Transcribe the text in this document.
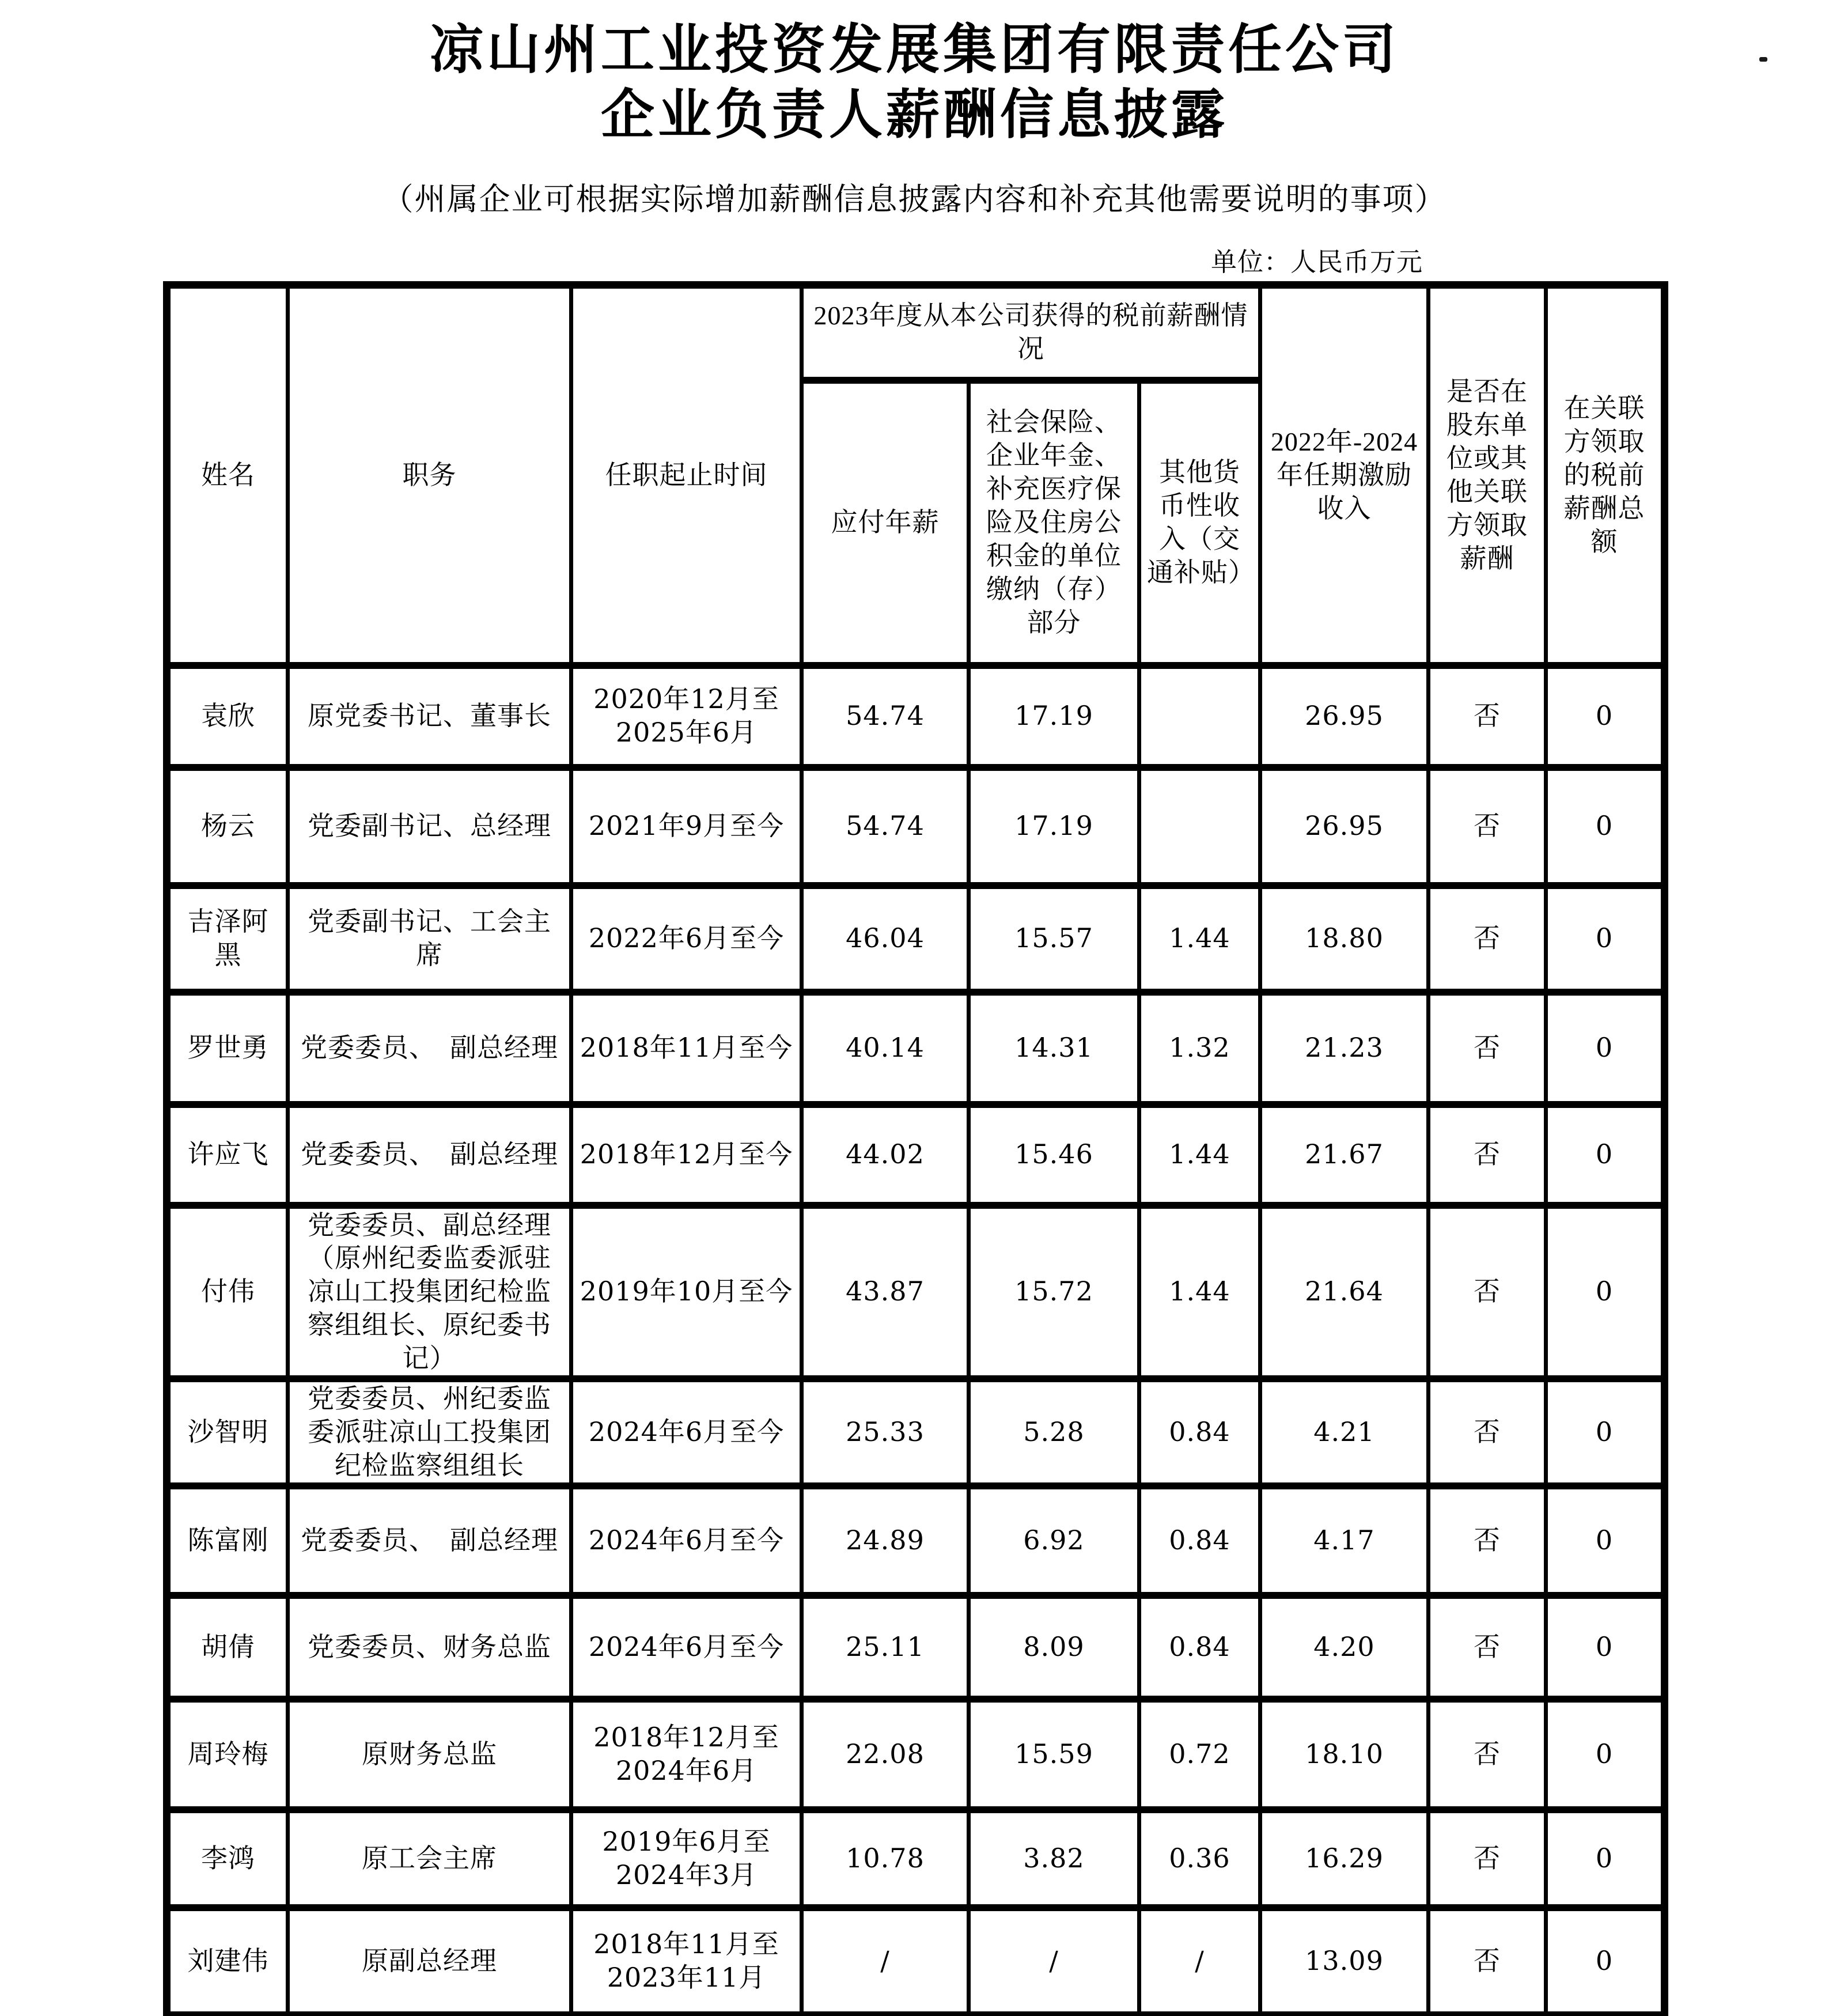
凉山州工业投资发展集团有限责任公司
企业负责人薪酬信息披露
（州属企业可根据实际增加薪酬信息披露内容和补充其他需要说明的事项）
单位：人民币万元
姓名	职务	任职起止时间	2023年度从本公司获得的税前薪酬情况			2022年-2024年任期激励收入	是否在股东单位或其他关联方领取薪酬	在关联方领取的税前薪酬总额
			应付年薪	社会保险、企业年金、补充医疗保险及住房公积金的单位缴纳（存）部分	其他货币性收入（交通补贴）			
袁欣	原党委书记、董事长	2020年12月至2025年6月	54.74	17.19		26.95	否	0
杨云	党委副书记、总经理	2021年9月至今	54.74	17.19		26.95	否	0
吉泽阿黑	党委副书记、工会主席	2022年6月至今	46.04	15.57	1.44	18.80	否	0
罗世勇	党委委员、　副总经理	2018年11月至今	40.14	14.31	1.32	21.23	否	0
许应飞	党委委员、　副总经理	2018年12月至今	44.02	15.46	1.44	21.67	否	0
付伟	党委委员、副总经理（原州纪委监委派驻凉山工投集团纪检监察组组长、原纪委书记）	2019年10月至今	43.87	15.72	1.44	21.64	否	0
沙智明	党委委员、州纪委监委派驻凉山工投集团纪检监察组组长	2024年6月至今	25.33	5.28	0.84	4.21	否	0
陈富刚	党委委员、　副总经理	2024年6月至今	24.89	6.92	0.84	4.17	否	0
胡倩	党委委员、财务总监	2024年6月至今	25.11	8.09	0.84	4.20	否	0
周玲梅	原财务总监	2018年12月至2024年6月	22.08	15.59	0.72	18.10	否	0
李鸿	原工会主席	2019年6月至2024年3月	10.78	3.82	0.36	16.29	否	0
刘建伟	原副总经理	2018年11月至2023年11月	/	/	/	13.09	否	0
